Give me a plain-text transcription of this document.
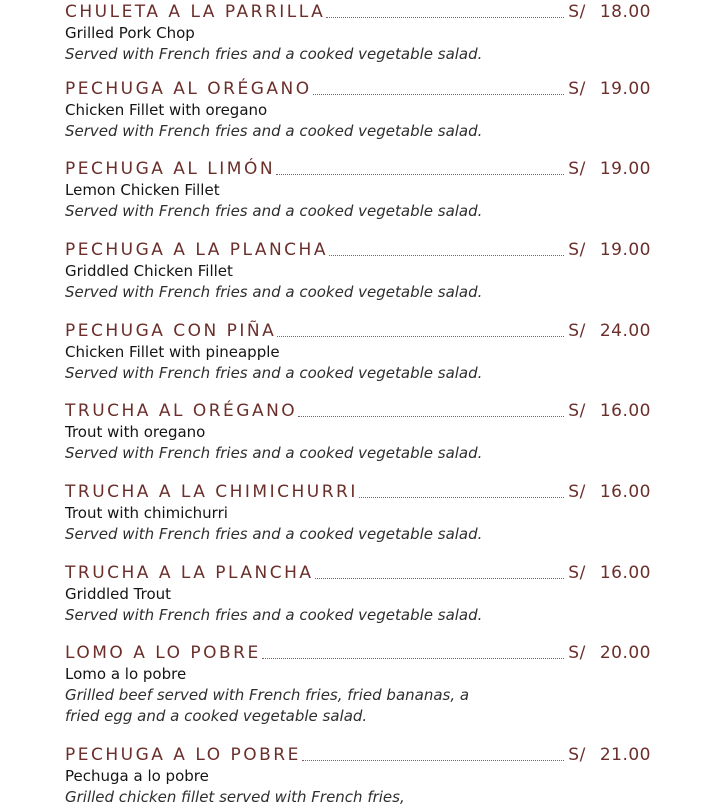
CHULETA A LA PARRILLA	S/ 18.00
Grilled Pork Chop
Served with French fries and a cooked vegetable salad.
PECHUGA AL ORÉGANO	S/ 19.00
Chicken Fillet with oregano
Served with French fries and a cooked vegetable salad.
PECHUGA AL LIMÓN	S/ 19.00
Lemon Chicken Fillet
Served with French fries and a cooked vegetable salad.
PECHUGA A LA PLANCHA	S/ 19.00
Griddled Chicken Fillet
Served with French fries and a cooked vegetable salad.
PECHUGA CON PIÑA	S/ 24.00
Chicken Fillet with pineapple
Served with French fries and a cooked vegetable salad.
TRUCHA AL ORÉGANO	S/ 16.00
Trout with oregano
Served with French fries and a cooked vegetable salad.
TRUCHA A LA CHIMICHURRI	S/ 16.00
Trout with chimichurri
Served with French fries and a cooked vegetable salad.
TRUCHA A LA PLANCHA	S/ 16.00
Griddled Trout
Served with French fries and a cooked vegetable salad.
LOMO A LO POBRE	S/ 20.00
Lomo a lo pobre
Grilled beef served with French fries, fried bananas, a
fried egg and a cooked vegetable salad.
PECHUGA A LO POBRE	S/ 21.00
Pechuga a lo pobre
Grilled chicken fillet served with French fries,
